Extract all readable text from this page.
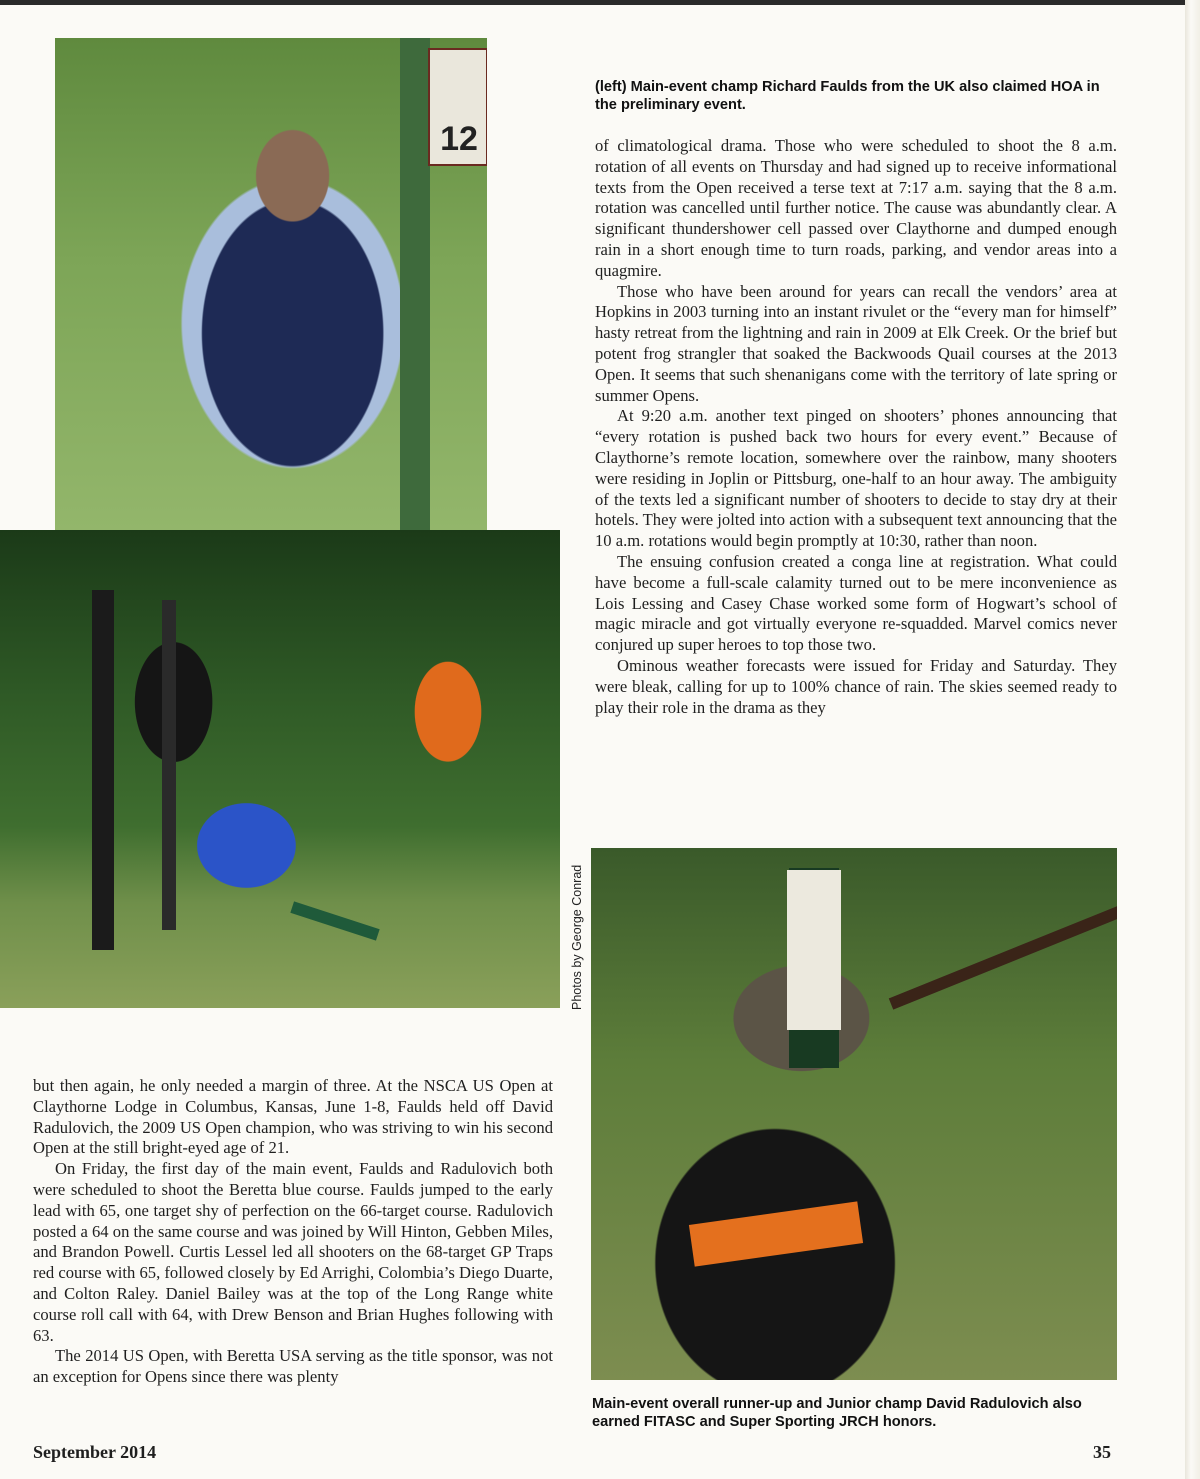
12
Photos by George Conrad

(left) Main-event champ Richard Faulds from the UK also claimed HOA in the preliminary event.

of climatological drama. Those who were scheduled to shoot the 8 a.m. rotation of all events on Thursday and had signed up to receive informational texts from the Open received a terse text at 7:17 a.m. saying that the 8 a.m. rotation was cancelled until further notice. The cause was abundantly clear. A significant thundershower cell passed over Claythorne and dumped enough rain in a short enough time to turn roads, parking, and vendor areas into a quagmire.

Those who have been around for years can recall the vendors’ area at Hopkins in 2003 turning into an instant rivulet or the “every man for himself” hasty retreat from the lightning and rain in 2009 at Elk Creek. Or the brief but potent frog strangler that soaked the Backwoods Quail courses at the 2013 Open. It seems that such shenanigans come with the territory of late spring or summer Opens.

At 9:20 a.m. another text pinged on shooters’ phones announcing that “every rotation is pushed back two hours for every event.” Because of Claythorne’s remote location, somewhere over the rainbow, many shooters were residing in Joplin or Pittsburg, one-half to an hour away. The ambiguity of the texts led a significant number of shooters to decide to stay dry at their hotels. They were jolted into action with a subsequent text announcing that the 10 a.m. rotations would begin promptly at 10:30, rather than noon.

The ensuing confusion created a conga line at registration. What could have become a full-scale calamity turned out to be mere inconvenience as Lois Lessing and Casey Chase worked some form of Hogwart’s school of magic miracle and got virtually everyone re-squadded. Marvel comics never conjured up super heroes to top those two.

Ominous weather forecasts were issued for Friday and Saturday. They were bleak, calling for up to 100% chance of rain. The skies seemed ready to play their role in the drama as they

Main-event overall runner-up and Junior champ David Radulovich also earned FITASC and Super Sporting JRCH honors.

but then again, he only needed a margin of three. At the NSCA US Open at Claythorne Lodge in Columbus, Kansas, June 1-8, Faulds held off David Radulovich, the 2009 US Open champion, who was striving to win his second Open at the still bright-eyed age of 21.

On Friday, the first day of the main event, Faulds and Radulovich both were scheduled to shoot the Beretta blue course. Faulds jumped to the early lead with 65, one target shy of perfection on the 66-target course. Radulovich posted a 64 on the same course and was joined by Will Hinton, Gebben Miles, and Brandon Powell. Curtis Lessel led all shooters on the 68-target GP Traps red course with 65, followed closely by Ed Arrighi, Colombia’s Diego Duarte, and Colton Raley. Daniel Bailey was at the top of the Long Range white course roll call with 64, with Drew Benson and Brian Hughes following with 63.

The 2014 US Open, with Beretta USA serving as the title sponsor, was not an exception for Opens since there was plenty

September 2014	35
